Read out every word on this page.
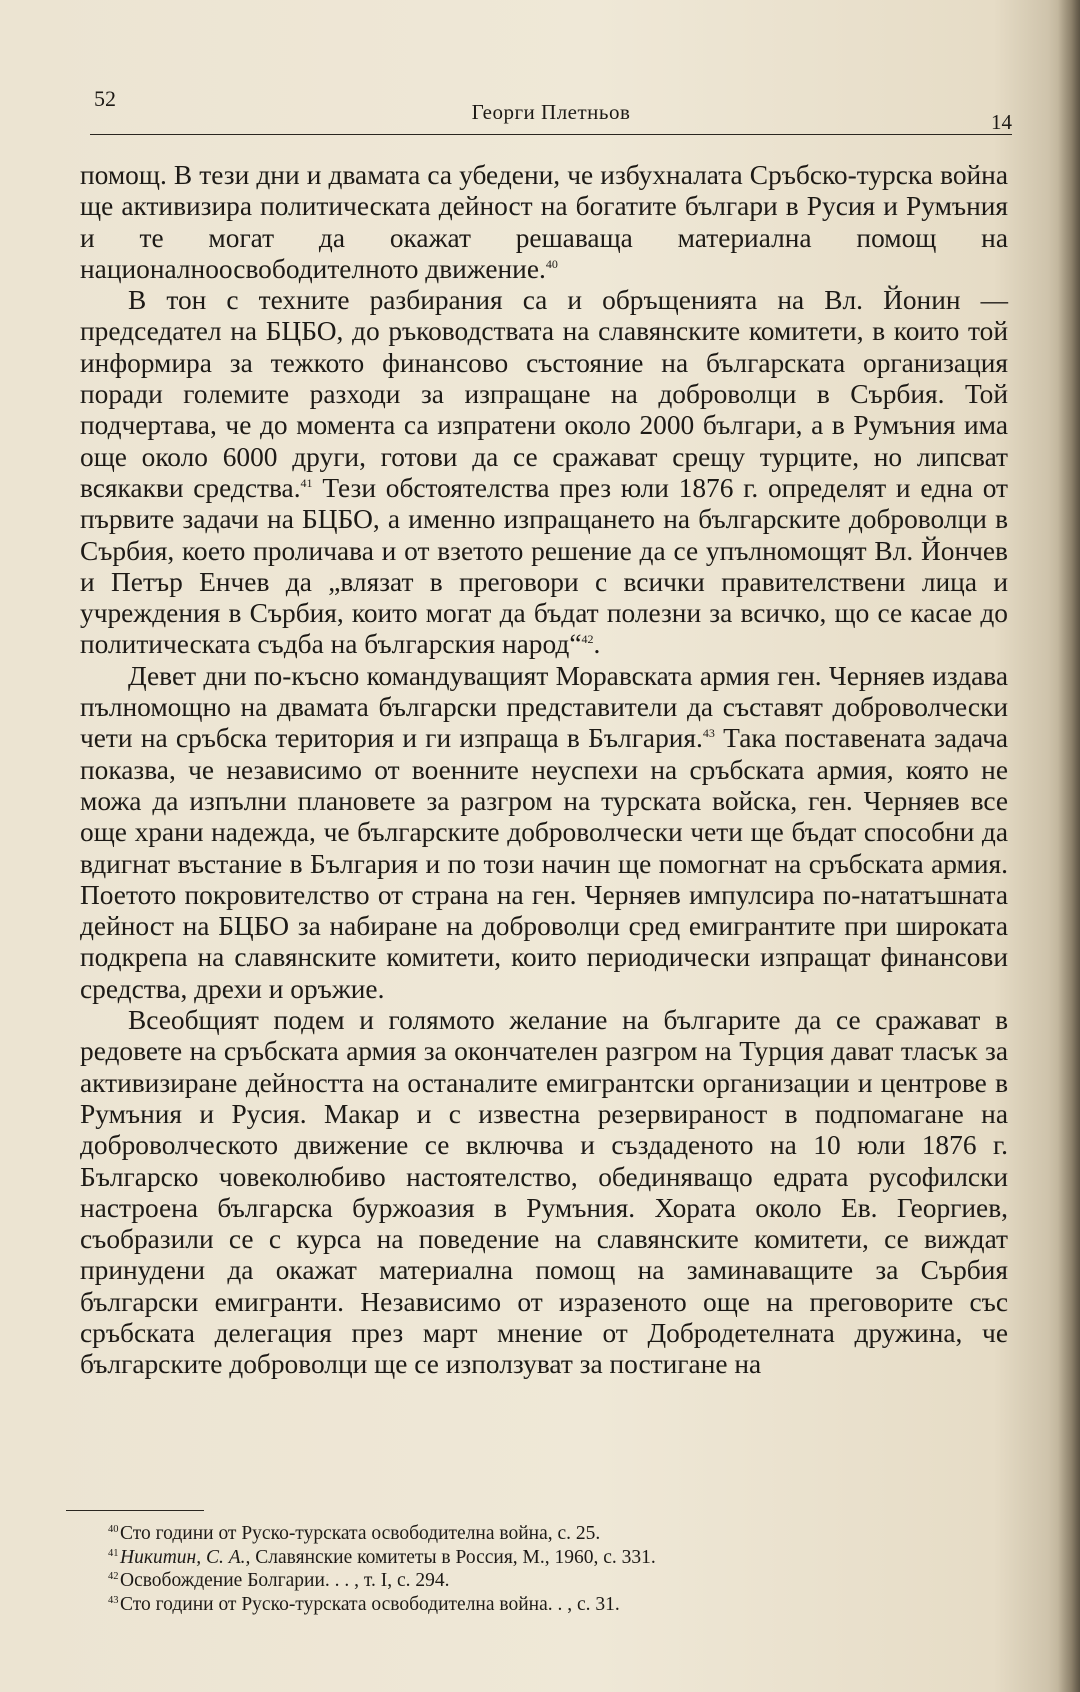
52
Георги Плетньов	14

помощ. В тези дни и двамата са убедени, че избухналата Сръбско-турска война ще активизира политическата дейност на богатите българи в Русия и Румъния и те могат да окажат решаваща материална помощ на националноосвободителното движение.$^{40}$

В тон с техните разбирания са и обръщенията на Вл. Йонин — председател на БЦБО, до ръководствата на славянските комитети, в които той информира за тежкото финансово състояние на българската организация поради големите разходи за изпращане на доброволци в Сърбия. Той подчертава, че до момента са изпратени около 2000 българи, а в Румъния има още около 6000 други, готови да се сражават срещу турците, но липсват всякакви средства.$^{41}$ Тези обстоятелства през юли 1876 г. определят и една от първите задачи на БЦБО, а именно изпращането на българските доброволци в Сърбия, което проличава и от взетото решение да се упълномощят Вл. Йончев и Петър Енчев да „влязат в преговори с всички правителствени лица и учреждения в Сърбия, които могат да бъдат полезни за всичко, що се касае до политическата съдба на българския народ“$^{42}$.

Девет дни по-късно командуващият Моравската армия ген. Черняев издава пълномощно на двамата български представители да съставят доброволчески чети на сръбска територия и ги изпраща в България.$^{43}$ Така поставената задача показва, че независимо от военните неуспехи на сръбската армия, която не можа да изпълни плановете за разгром на турската войска, ген. Черняев все още храни надежда, че българските доброволчески чети ще бъдат способни да вдигнат въстание в България и по този начин ще помогнат на сръбската армия. Поетото покровителство от страна на ген. Черняев импулсира по-нататъшната дейност на БЦБО за набиране на доброволци сред емигрантите при широката подкрепа на славянските комитети, които периодически изпращат финансови средства, дрехи и оръжие.

Всеобщият подем и голямото желание на българите да се сражават в редовете на сръбската армия за окончателен разгром на Турция дават тласък за активизиране дейността на останалите емигрантски организации и центрове в Румъния и Русия. Макар и с известна резервираност в подпомагане на доброволческото движение се включва и създаденото на 10 юли 1876 г. Българско човеколюбиво настоятелство, обединяващо едрата русофилски настроена българска буржоазия в Румъния. Хората около Ев. Георгиев, съобразили се с курса на поведение на славянските комитети, се виждат принудени да окажат материална помощ на заминаващите за Сърбия български емигранти. Независимо от изразеното още на преговорите със сръбската делегация през март мнение от Добродетелната дружина, че българските доброволци ще се използуват за постигане на

40 Сто години от Руско-турската освободителна война, с. 25.
41 Никитин, С. А., Славянские комитеты в Россия, М., 1960, с. 331.
42 Освобождение Болгарии. . . , т. I, с. 294.
43 Сто години от Руско-турската освободителна война. . , с. 31.
